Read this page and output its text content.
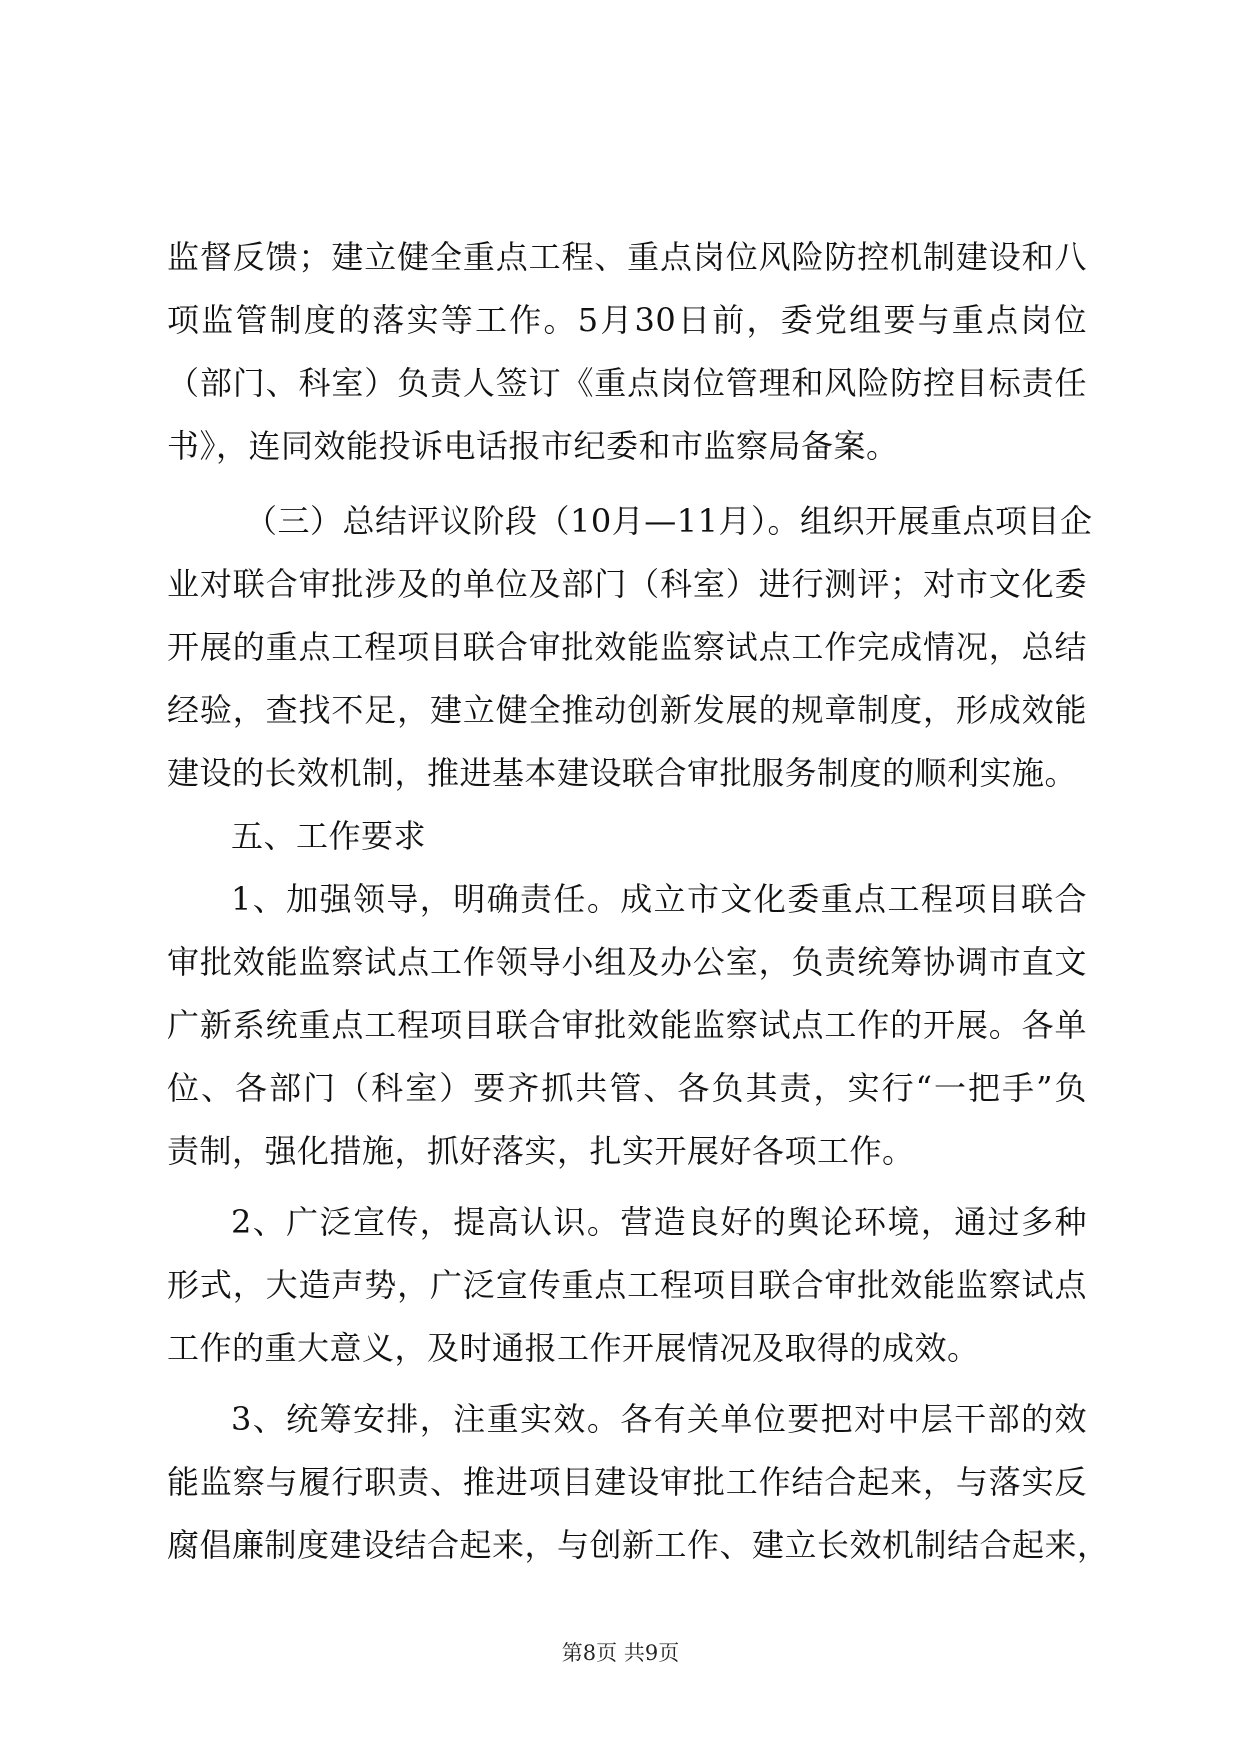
监督反馈；建立健全重点工程、重点岗位风险防控机制建设和八
项监管制度的落实等工作。5月30日前，委党组要与重点岗位
（部门、科室）负责人签订《重点岗位管理和风险防控目标责任
书》，连同效能投诉电话报市纪委和市监察局备案。
（三）总结评议阶段（10月—11月）。组织开展重点项目企
业对联合审批涉及的单位及部门（科室）进行测评；对市文化委
开展的重点工程项目联合审批效能监察试点工作完成情况，总结
经验，查找不足，建立健全推动创新发展的规章制度，形成效能
建设的长效机制，推进基本建设联合审批服务制度的顺利实施。
五、工作要求
1、加强领导，明确责任。成立市文化委重点工程项目联合
审批效能监察试点工作领导小组及办公室，负责统筹协调市直文
广新系统重点工程项目联合审批效能监察试点工作的开展。各单
位、各部门（科室）要齐抓共管、各负其责，实行“一把手”负
责制，强化措施，抓好落实，扎实开展好各项工作。
2、广泛宣传，提高认识。营造良好的舆论环境，通过多种
形式，大造声势，广泛宣传重点工程项目联合审批效能监察试点
工作的重大意义，及时通报工作开展情况及取得的成效。
3、统筹安排，注重实效。各有关单位要把对中层干部的效
能监察与履行职责、推进项目建设审批工作结合起来，与落实反
腐倡廉制度建设结合起来，与创新工作、建立长效机制结合起来，
第8页 共9页
